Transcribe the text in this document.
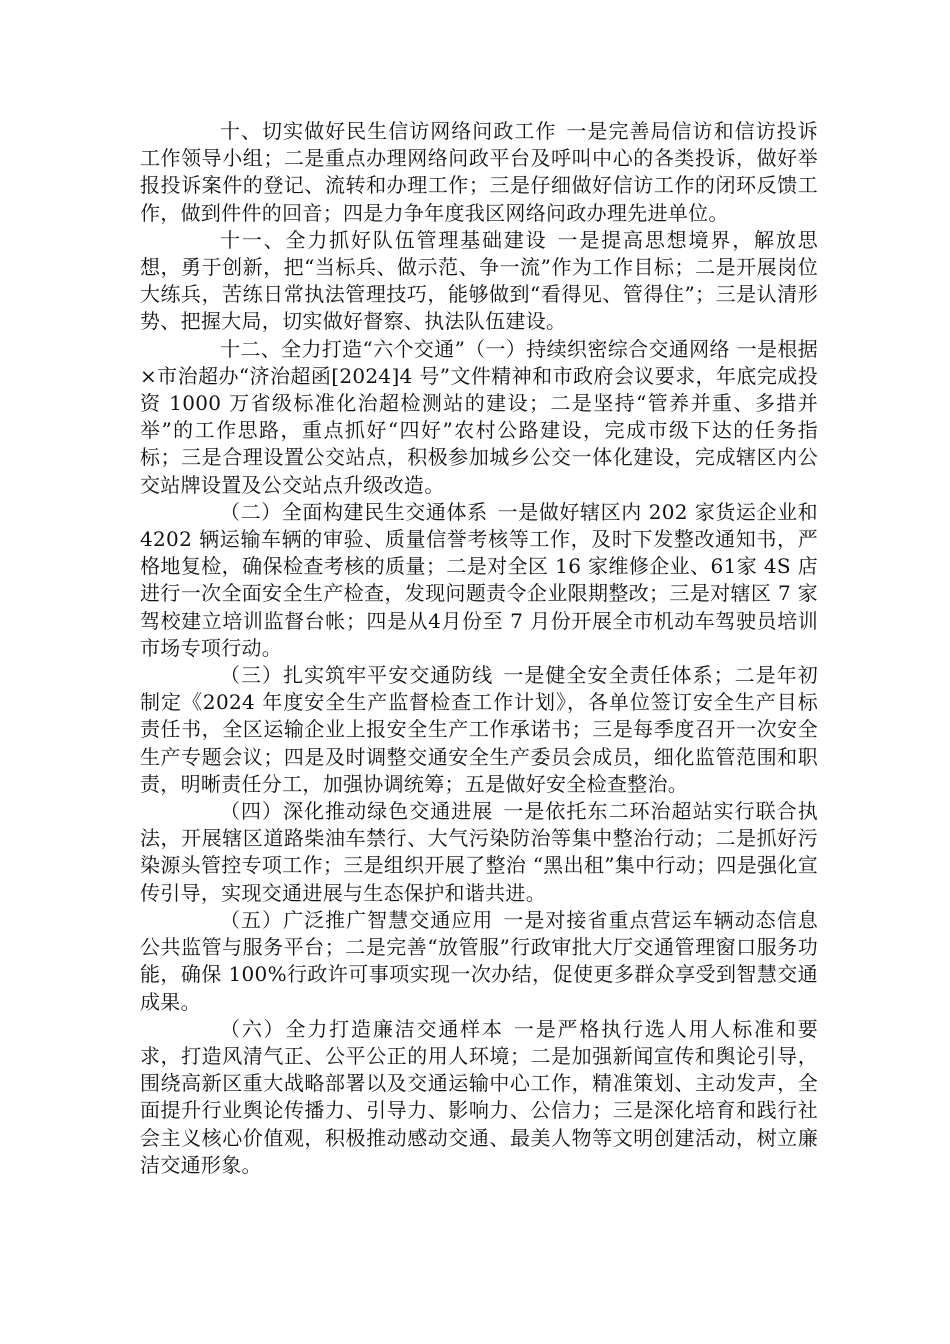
十、切实做好民生信访网络问政工作 一是完善局信访和信访投诉工作领导小组；二是重点办理网络问政平台及呼叫中心的各类投诉，做好举报投诉案件的登记、流转和办理工作；三是仔细做好信访工作的闭环反馈工作，做到件件的回音；四是力争年度我区网络问政办理先进单位。

十一、全力抓好队伍管理基础建设 一是提高思想境界，解放思想，勇于创新，把“当标兵、做示范、争一流”作为工作目标；二是开展岗位大练兵，苦练日常执法管理技巧，能够做到“看得见、管得住”；三是认清形势、把握大局，切实做好督察、执法队伍建设。

十二、全力打造“六个交通” （一）持续织密综合交通网络 一是根据×市治超办“济治超函[2024]4 号”文件精神和市政府会议要求，年底完成投资 1000 万省级标准化治超检测站的建设；二是坚持“管养并重、多措并举”的工作思路，重点抓好“四好”农村公路建设，完成市级下达的任务指标；三是合理设置公交站点，积极参加城乡公交一体化建设，完成辖区内公交站牌设置及公交站点升级改造。

（二）全面构建民生交通体系 一是做好辖区内 202 家货运企业和 4202 辆运输车辆的审验、质量信誉考核等工作，及时下发整改通知书，严格地复检，确保检查考核的质量；二是对全区 16 家维修企业、61家 4S 店进行一次全面安全生产检查，发现问题责令企业限期整改；三是对辖区 7 家驾校建立培训监督台帐；四是从4月份至 7 月份开展全市机动车驾驶员培训市场专项行动。

（三）扎实筑牢平安交通防线 一是健全安全责任体系；二是年初制定《2024 年度安全生产监督检查工作计划》，各单位签订安全生产目标责任书，全区运输企业上报安全生产工作承诺书；三是每季度召开一次安全生产专题会议；四是及时调整交通安全生产委员会成员，细化监管范围和职责，明晰责任分工，加强协调统筹；五是做好安全检查整治。

（四）深化推动绿色交通进展 一是依托东二环治超站实行联合执法，开展辖区道路柴油车禁行、大气污染防治等集中整治行动；二是抓好污染源头管控专项工作；三是组织开展了整治 “黑出租”集中行动；四是强化宣传引导，实现交通进展与生态保护和谐共进。

（五）广泛推广智慧交通应用 一是对接省重点营运车辆动态信息公共监管与服务平台；二是完善“放管服”行政审批大厅交通管理窗口服务功能，确保 100%行政许可事项实现一次办结，促使更多群众享受到智慧交通成果。

（六）全力打造廉洁交通样本 一是严格执行选人用人标准和要求，打造风清气正、公平公正的用人环境；二是加强新闻宣传和舆论引导，围绕高新区重大战略部署以及交通运输中心工作，精准策划、主动发声，全面提升行业舆论传播力、引导力、影响力、公信力；三是深化培育和践行社会主义核心价值观，积极推动感动交通、最美人物等文明创建活动，树立廉洁交通形象。
